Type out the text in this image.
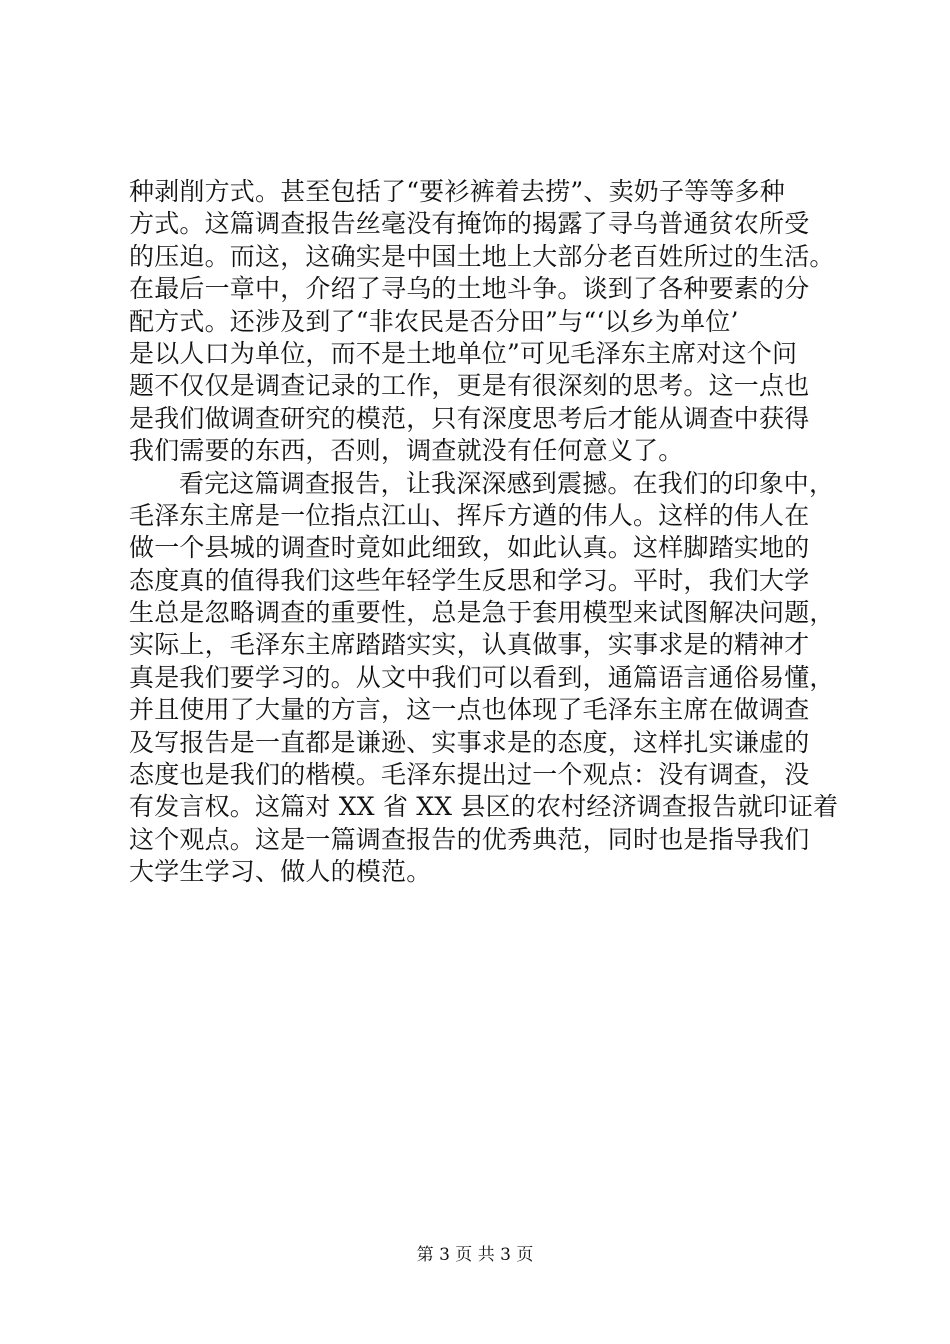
种剥削方式。甚至包括了“要衫裤着去捞”、卖奶子等等多种
方式。这篇调查报告丝毫没有掩饰的揭露了寻乌普通贫农所受
的压迫。而这，这确实是中国土地上大部分老百姓所过的生活。
在最后一章中，介绍了寻乌的土地斗争。谈到了各种要素的分
配方式。还涉及到了“非农民是否分田”与“‘以乡为单位’
是以人口为单位，而不是土地单位”可见毛泽东主席对这个问
题不仅仅是调查记录的工作，更是有很深刻的思考。这一点也
是我们做调查研究的模范，只有深度思考后才能从调查中获得
我们需要的东西，否则，调查就没有任何意义了。
看完这篇调查报告，让我深深感到震撼。在我们的印象中，
毛泽东主席是一位指点江山、挥斥方遒的伟人。这样的伟人在
做一个县城的调查时竟如此细致，如此认真。这样脚踏实地的
态度真的值得我们这些年轻学生反思和学习。平时，我们大学
生总是忽略调查的重要性，总是急于套用模型来试图解决问题，
实际上，毛泽东主席踏踏实实，认真做事，实事求是的精神才
真是我们要学习的。从文中我们可以看到，通篇语言通俗易懂，
并且使用了大量的方言，这一点也体现了毛泽东主席在做调查
及写报告是一直都是谦逊、实事求是的态度，这样扎实谦虚的
态度也是我们的楷模。毛泽东提出过一个观点：没有调查，没
有发言权。这篇对 XX 省 XX 县区的农村经济调查报告就印证着
这个观点。这是一篇调查报告的优秀典范，同时也是指导我们
大学生学习、做人的模范。
第 3 页 共 3 页
